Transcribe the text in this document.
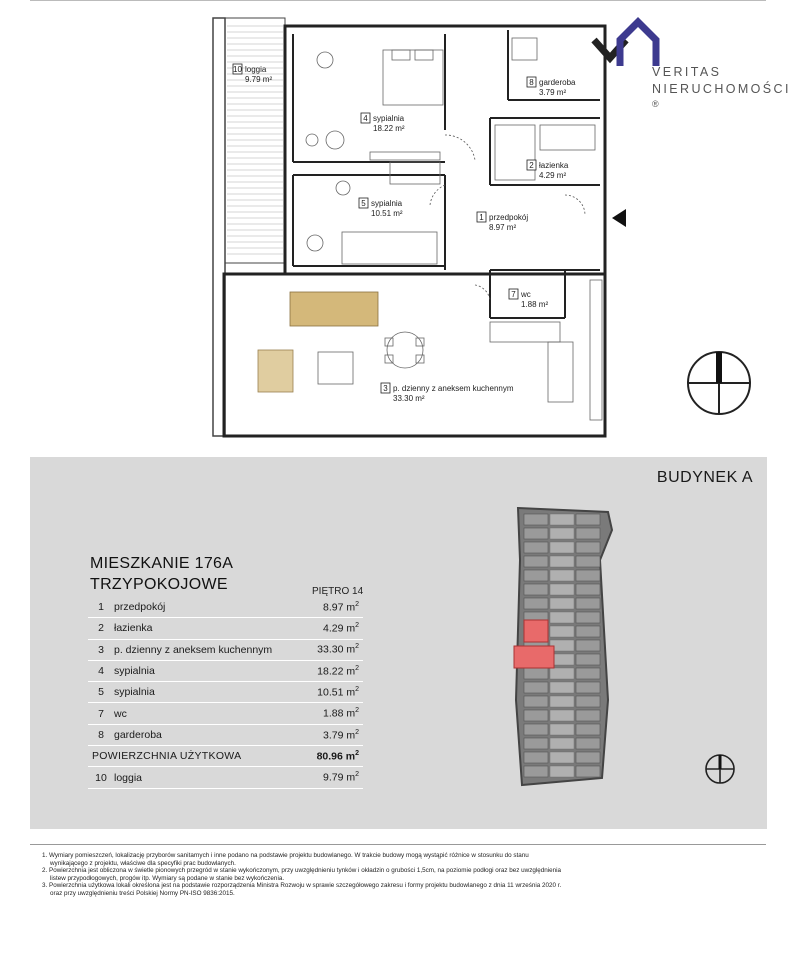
10 loggia
9.79 m²
4 sypialnia
18.22 m²
8 garderoba
3.79 m²
2 łazienka
4.29 m²
5 sypialnia
10.51 m²	1 przedpokój
8.97 m²
7 wc
1.88 m²
3 p. dzienny z aneksem kuchennym
33.30 m²
VERITAS
NIERUCHOMOŚCI ®
BUDYNEK A
MIESZKANIE 176A
TRZYPOKOJOWE	PIĘTRO 14
1	przedpokój	8.97 $m^2$
2	łazienka	4.29 $m^2$
3	p. dzienny z aneksem kuchennym	33.30 $m^2$
4	sypialnia	18.22 $m^2$
5	sypialnia	10.51 $m^2$
7	wc	1.88 $m^2$
8	garderoba	3.79 $m^2$
POWIERZCHNIA UŻYTKOWA		80.96 $m^2$
10	loggia	9.79 $m^2$

1. Wymiary pomieszczeń, lokalizację przyborów sanitarnych i inne podano na podstawie projektu budowlanego. W trakcie budowy mogą wystąpić różnice w stosunku do stanu

wynikającego z projektu, właściwe dla specyfiki prac budowlanych.

2. Powierzchnia jest obliczona w świetle pionowych przegród w stanie wykończonym, przy uwzględnieniu tynków i okładzin o grubości 1,5cm, na poziomie podłogi oraz bez uwzględnienia

listew przypodłogowych, progów itp. Wymiary są podane w stanie bez wykończenia.

3. Powierzchnia użytkowa lokali określona jest na podstawie rozporządzenia Ministra Rozwoju w sprawie szczegółowego zakresu i formy projektu budowlanego z dnia 11 września 2020 r.

oraz przy uwzględnieniu treści Polskiej Normy PN-ISO 9836:2015.
